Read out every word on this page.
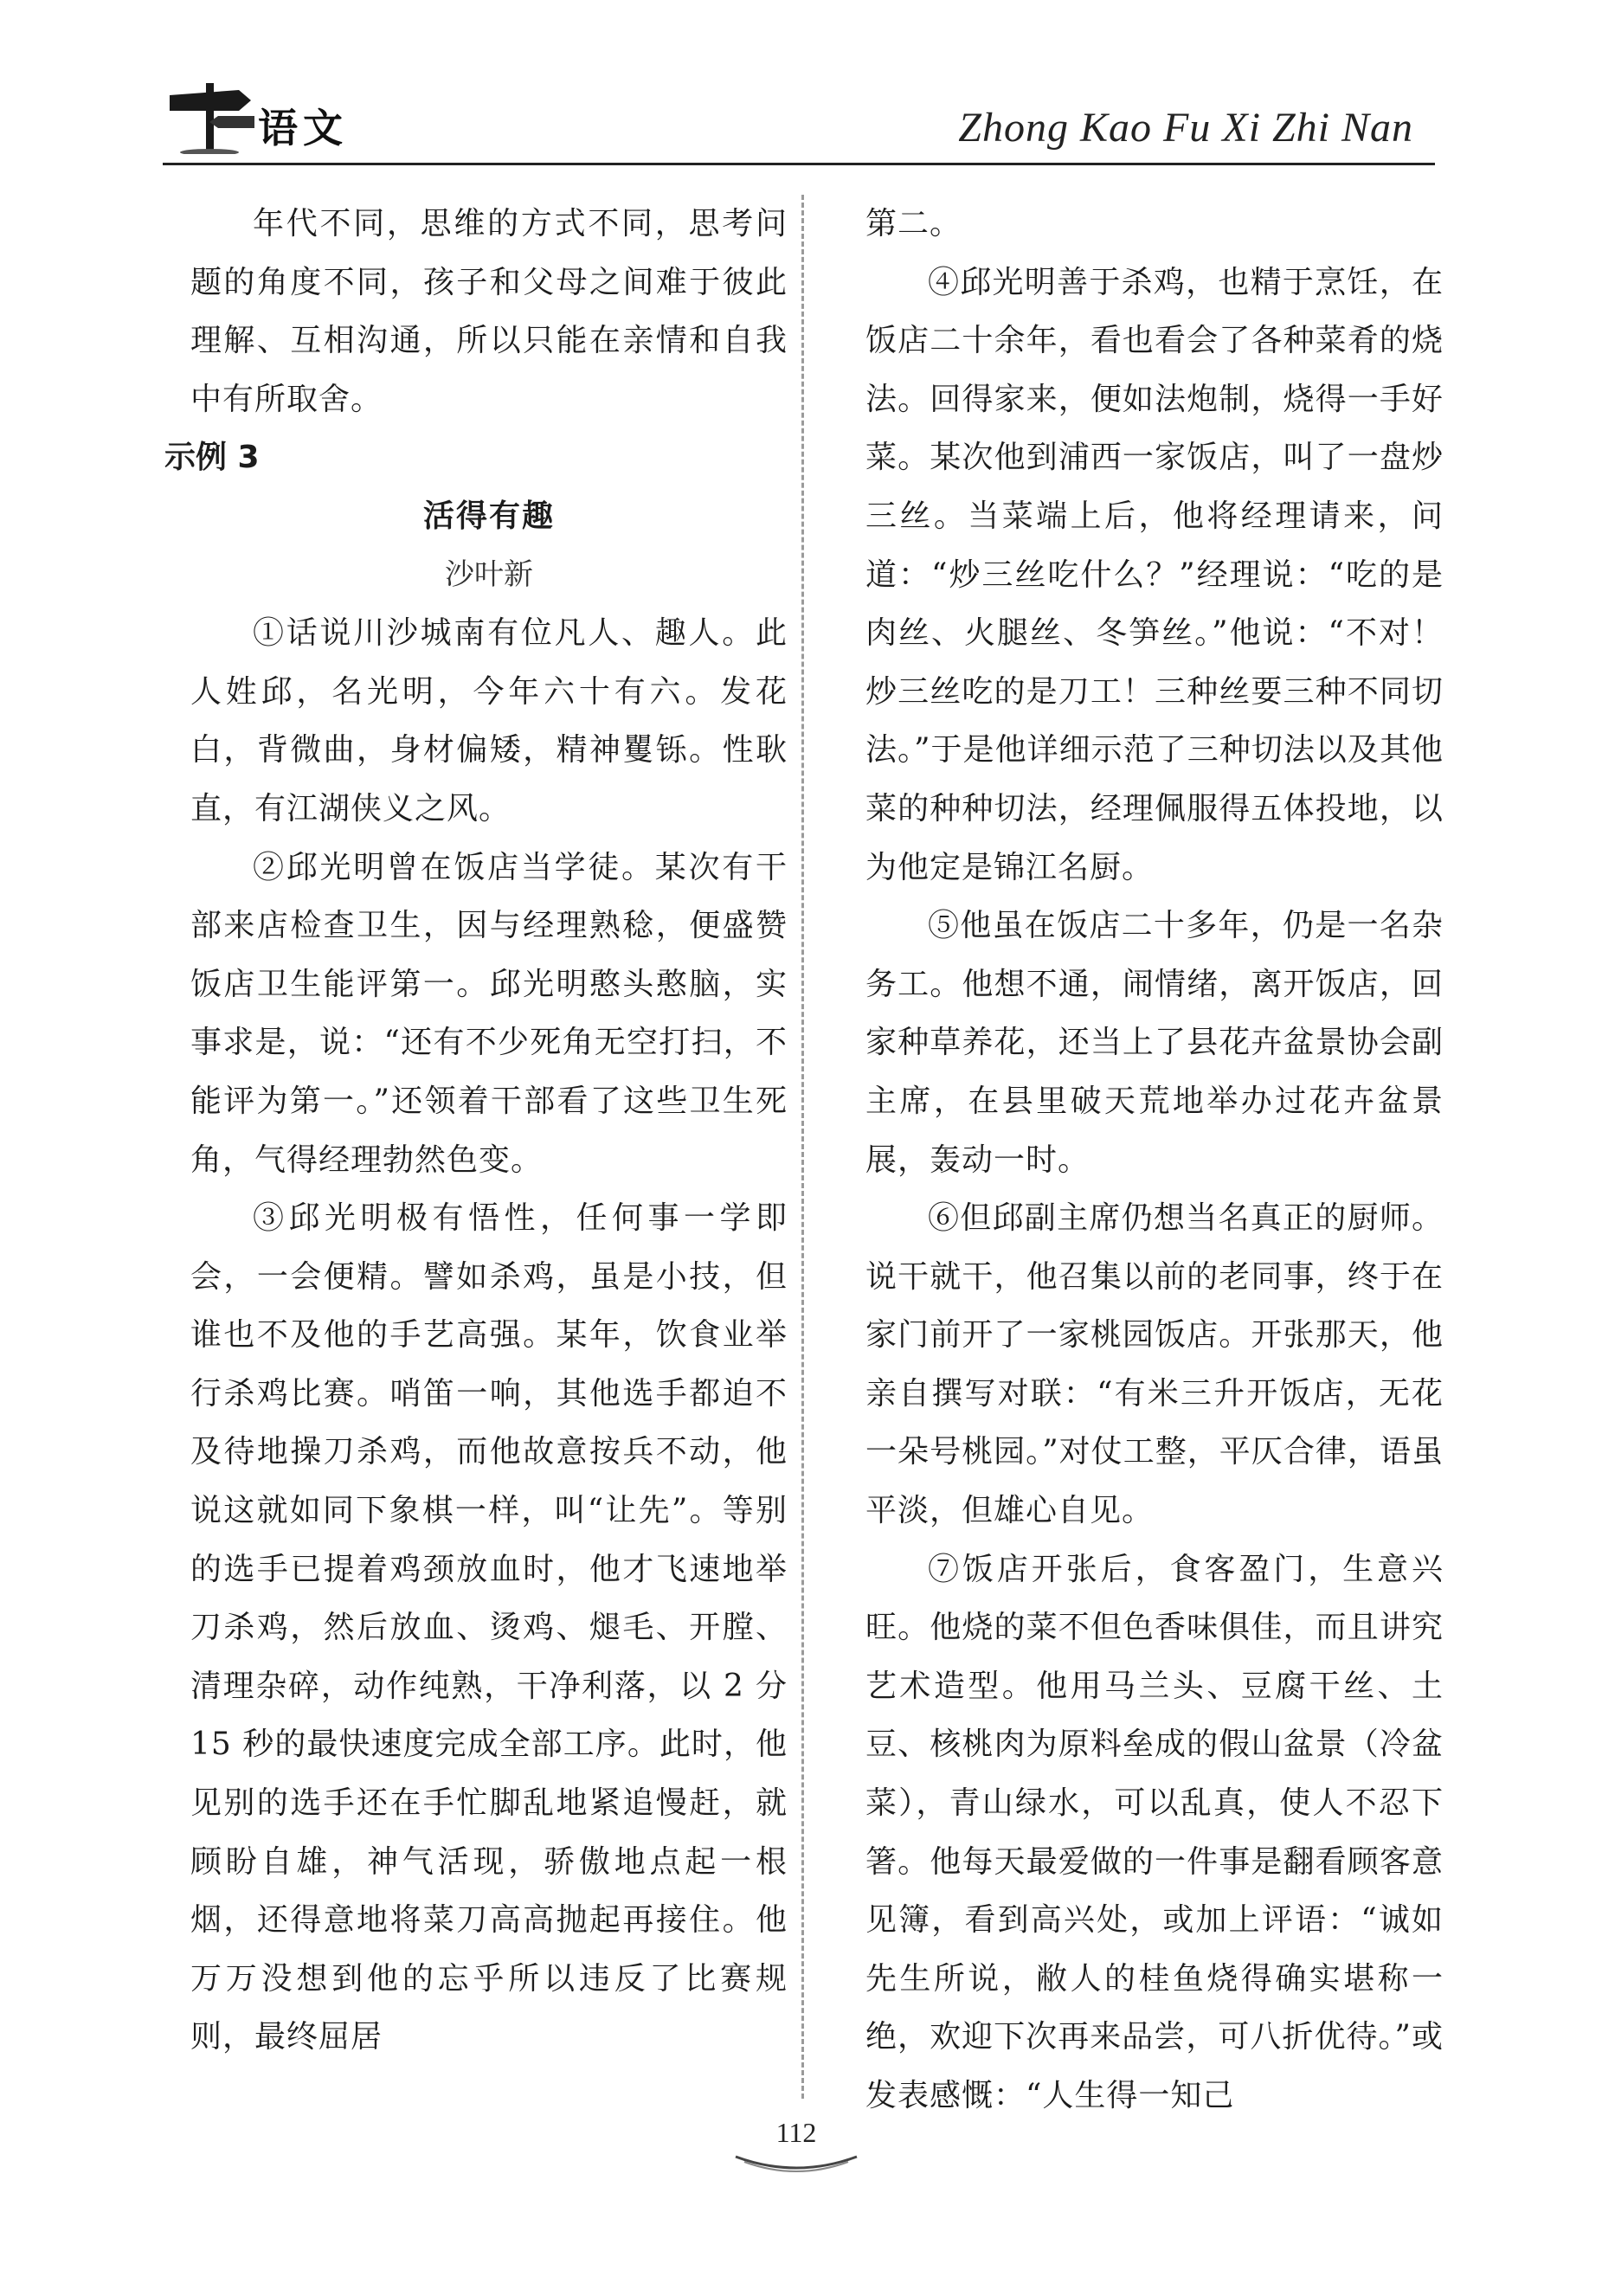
语文	Zhong Kao Fu Xi Zhi Nan

年代不同，思维的方式不同，思考问题的角度不同，孩子和父母之间难于彼此理解、互相沟通，所以只能在亲情和自我中有所取舍。

示例 3
活得有趣
沙叶新

①话说川沙城南有位凡人、趣人。此人姓邱，名光明，今年六十有六。发花白，背微曲，身材偏矮，精神矍铄。性耿直，有江湖侠义之风。

②邱光明曾在饭店当学徒。某次有干部来店检查卫生，因与经理熟稔，便盛赞饭店卫生能评第一。邱光明憨头憨脑，实事求是，说：“还有不少死角无空打扫，不能评为第一。”还领着干部看了这些卫生死角，气得经理勃然色变。

③邱光明极有悟性，任何事一学即会，一会便精。譬如杀鸡，虽是小技，但谁也不及他的手艺高强。某年，饮食业举行杀鸡比赛。哨笛一响，其他选手都迫不及待地操刀杀鸡，而他故意按兵不动，他说这就如同下象棋一样，叫“让先”。等别的选手已提着鸡颈放血时，他才飞速地举刀杀鸡，然后放血、烫鸡、煺毛、开膛、清理杂碎，动作纯熟，干净利落，以 2 分 15 秒的最快速度完成全部工序。此时，他见别的选手还在手忙脚乱地紧追慢赶，就顾盼自雄，神气活现，骄傲地点起一根烟，还得意地将菜刀高高抛起再接住。他万万没想到他的忘乎所以违反了比赛规则，最终屈居

第二。

④邱光明善于杀鸡，也精于烹饪，在饭店二十余年，看也看会了各种菜肴的烧法。回得家来，便如法炮制，烧得一手好菜。某次他到浦西一家饭店，叫了一盘炒三丝。当菜端上后，他将经理请来，问道：“炒三丝吃什么？”经理说：“吃的是肉丝、火腿丝、冬笋丝。”他说：“不对！炒三丝吃的是刀工！三种丝要三种不同切法。”于是他详细示范了三种切法以及其他菜的种种切法，经理佩服得五体投地，以为他定是锦江名厨。

⑤他虽在饭店二十多年，仍是一名杂务工。他想不通，闹情绪，离开饭店，回家种草养花，还当上了县花卉盆景协会副主席，在县里破天荒地举办过花卉盆景展，轰动一时。

⑥但邱副主席仍想当名真正的厨师。说干就干，他召集以前的老同事，终于在家门前开了一家桃园饭店。开张那天，他亲自撰写对联：“有米三升开饭店，无花一朵号桃园。”对仗工整，平仄合律，语虽平淡，但雄心自见。

⑦饭店开张后，食客盈门，生意兴旺。他烧的菜不但色香味俱佳，而且讲究艺术造型。他用马兰头、豆腐干丝、土豆、核桃肉为原料垒成的假山盆景（冷盆菜），青山绿水，可以乱真，使人不忍下箸。他每天最爱做的一件事是翻看顾客意见簿，看到高兴处，或加上评语：“诚如先生所说，敝人的桂鱼烧得确实堪称一绝，欢迎下次再来品尝，可八折优待。”或发表感慨：“人生得一知己

112
